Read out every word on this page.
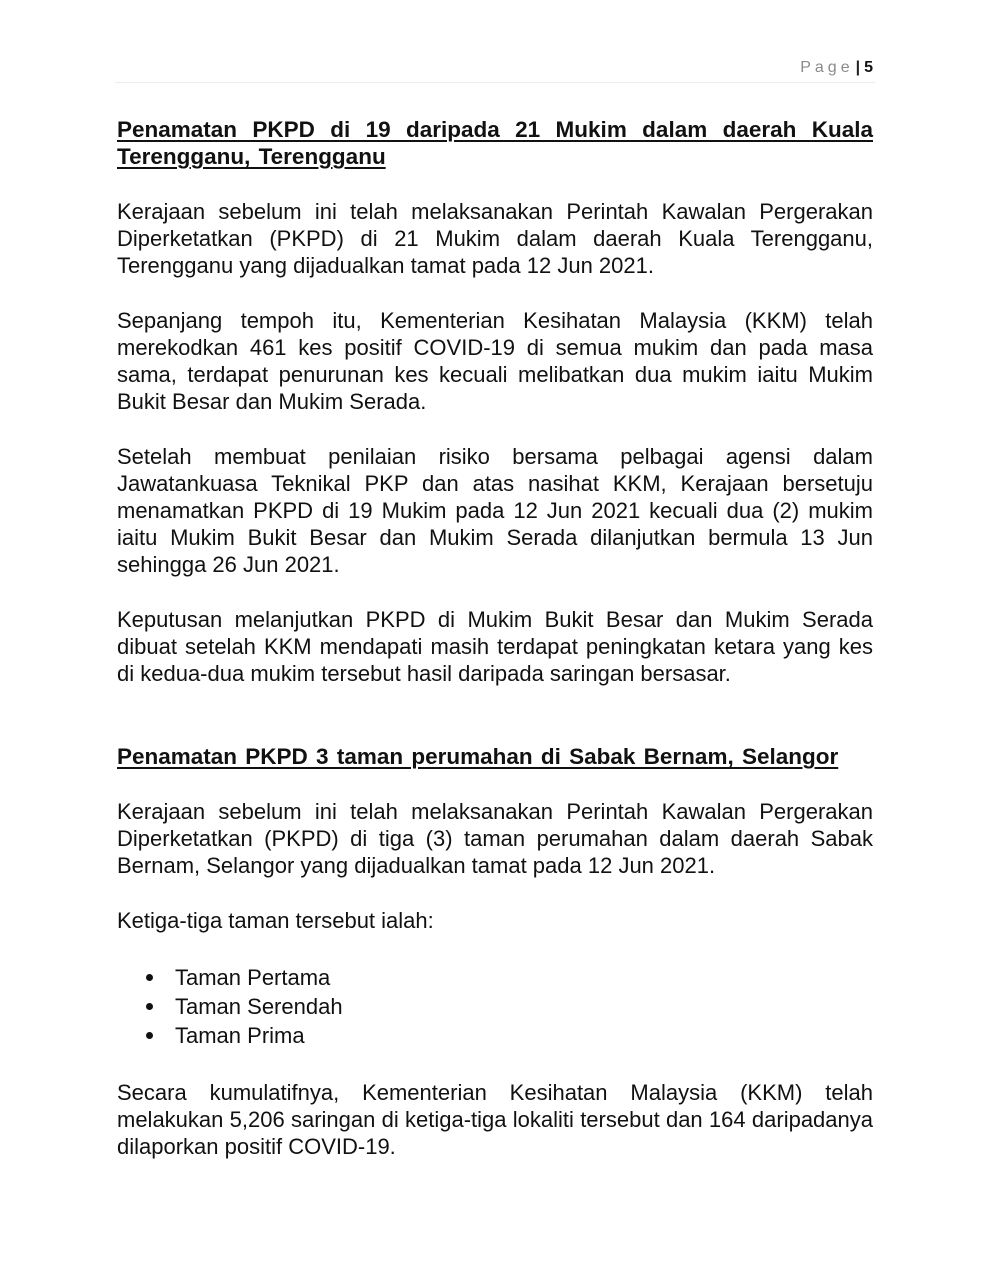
Page | 5
Penamatan PKPD di 19 daripada 21 Mukim dalam daerah Kuala Terengganu, Terengganu

Kerajaan sebelum ini telah melaksanakan Perintah Kawalan Pergerakan Diperketatkan (PKPD) di 21 Mukim dalam daerah Kuala Terengganu, Terengganu yang dijadualkan tamat pada 12 Jun 2021.

Sepanjang tempoh itu, Kementerian Kesihatan Malaysia (KKM) telah merekodkan 461 kes positif COVID-19 di semua mukim dan pada masa sama, terdapat penurunan kes kecuali melibatkan dua mukim iaitu Mukim Bukit Besar dan Mukim Serada.

Setelah membuat penilaian risiko bersama pelbagai agensi dalam Jawatankuasa Teknikal PKP dan atas nasihat KKM, Kerajaan bersetuju menamatkan PKPD di 19 Mukim pada 12 Jun 2021 kecuali dua (2) mukim iaitu Mukim Bukit Besar dan Mukim Serada dilanjutkan bermula 13 Jun sehingga 26 Jun 2021.

Keputusan melanjutkan PKPD di Mukim Bukit Besar dan Mukim Serada dibuat setelah KKM mendapati masih terdapat peningkatan ketara yang kes di kedua-dua mukim tersebut hasil daripada saringan bersasar.

Penamatan PKPD 3 taman perumahan di Sabak Bernam, Selangor

Kerajaan sebelum ini telah melaksanakan Perintah Kawalan Pergerakan Diperketatkan (PKPD) di tiga (3) taman perumahan dalam daerah Sabak Bernam, Selangor yang dijadualkan tamat pada 12 Jun 2021.

Ketiga-tiga taman tersebut ialah:

Taman Pertama
Taman Serendah
Taman Prima

Secara kumulatifnya, Kementerian Kesihatan Malaysia (KKM) telah melakukan 5,206 saringan di ketiga-tiga lokaliti tersebut dan 164 daripadanya dilaporkan positif COVID-19.
